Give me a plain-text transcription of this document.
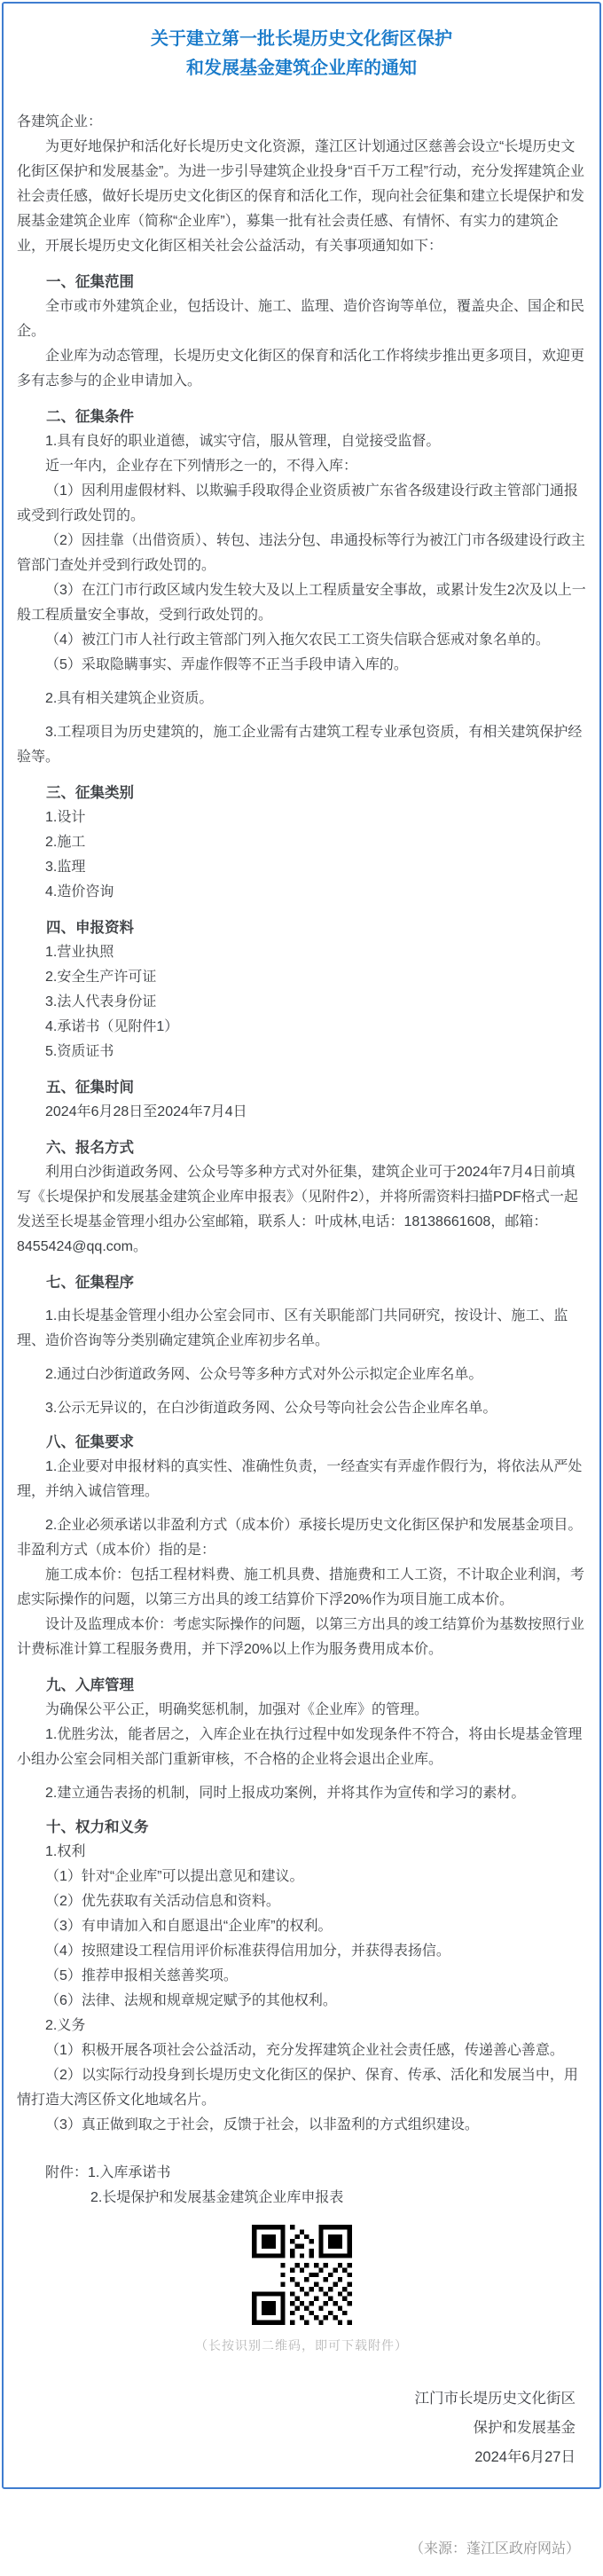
关于建立第一批长堤历史文化街区保护
和发展基金建筑企业库的通知

各建筑企业：

为更好地保护和活化好长堤历史文化资源，蓬江区计划通过区慈善会设立“长堤历史文化街区保护和发展基金”。为进一步引导建筑企业投身“百千万工程”行动，充分发挥建筑企业社会责任感，做好长堤历史文化街区的保育和活化工作，现向社会征集和建立长堤保护和发展基金建筑企业库（简称“企业库”），募集一批有社会责任感、有情怀、有实力的建筑企业，开展长堤历史文化街区相关社会公益活动，有关事项通知如下：

一、征集范围

全市或市外建筑企业，包括设计、施工、监理、造价咨询等单位，覆盖央企、国企和民企。

企业库为动态管理，长堤历史文化街区的保育和活化工作将续步推出更多项目，欢迎更多有志参与的企业申请加入。

二、征集条件

1.具有良好的职业道德，诚实守信，服从管理，自觉接受监督。

近一年内，企业存在下列情形之一的，不得入库：

（1）因利用虚假材料、以欺骗手段取得企业资质被广东省各级建设行政主管部门通报或受到行政处罚的。

（2）因挂靠（出借资质）、转包、违法分包、串通投标等行为被江门市各级建设行政主管部门查处并受到行政处罚的。

（3）在江门市行政区域内发生较大及以上工程质量安全事故，或累计发生2次及以上一般工程质量安全事故，受到行政处罚的。

（4）被江门市人社行政主管部门列入拖欠农民工工资失信联合惩戒对象名单的。

（5）采取隐瞒事实、弄虚作假等不正当手段申请入库的。

2.具有相关建筑企业资质。

3.工程项目为历史建筑的，施工企业需有古建筑工程专业承包资质，有相关建筑保护经验等。

三、征集类别

1.设计

2.施工

3.监理

4.造价咨询

四、申报资料

1.营业执照

2.安全生产许可证

3.法人代表身份证

4.承诺书（见附件1）

5.资质证书

五、征集时间

2024年6月28日至2024年7月4日

六、报名方式

利用白沙街道政务网、公众号等多种方式对外征集，建筑企业可于2024年7月4日前填写《长堤保护和发展基金建筑企业库申报表》（见附件2），并将所需资料扫描PDF格式一起发送至长堤基金管理小组办公室邮箱，联系人：叶成林,电话：18138661608，邮箱：8455424@qq.com。

七、征集程序

1.由长堤基金管理小组办公室会同市、区有关职能部门共同研究，按设计、施工、监理、造价咨询等分类别确定建筑企业库初步名单。

2.通过白沙街道政务网、公众号等多种方式对外公示拟定企业库名单。

3.公示无异议的，在白沙街道政务网、公众号等向社会公告企业库名单。

八、征集要求

1.企业要对申报材料的真实性、准确性负责，一经查实有弄虚作假行为，将依法从严处理，并纳入诚信管理。

2.企业必须承诺以非盈利方式（成本价）承接长堤历史文化街区保护和发展基金项目。非盈利方式（成本价）指的是：

施工成本价：包括工程材料费、施工机具费、措施费和工人工资，不计取企业利润，考虑实际操作的问题，以第三方出具的竣工结算价下浮20%作为项目施工成本价。

设计及监理成本价：考虑实际操作的问题，以第三方出具的竣工结算价为基数按照行业计费标准计算工程服务费用，并下浮20%以上作为服务费用成本价。

九、入库管理

为确保公平公正，明确奖惩机制，加强对《企业库》的管理。

1.优胜劣汰，能者居之，入库企业在执行过程中如发现条件不符合，将由长堤基金管理小组办公室会同相关部门重新审核，不合格的企业将会退出企业库。

2.建立通告表扬的机制，同时上报成功案例，并将其作为宣传和学习的素材。

十、权力和义务

1.权利

（1）针对“企业库”可以提出意见和建议。

（2）优先获取有关活动信息和资料。

（3）有申请加入和自愿退出“企业库”的权利。

（4）按照建设工程信用评价标准获得信用加分，并获得表扬信。

（5）推荐申报相关慈善奖项。

（6）法律、法规和规章规定赋予的其他权利。

2.义务

（1）积极开展各项社会公益活动，充分发挥建筑企业社会责任感，传递善心善意。

（2）以实际行动投身到长堤历史文化街区的保护、保育、传承、活化和发展当中，用情打造大湾区侨文化地域名片。

（3）真正做到取之于社会，反馈于社会，以非盈利的方式组织建设。

附件：1.入库承诺书

2.长堤保护和发展基金建筑企业库申报表

（长按识别二维码，即可下载附件）
江门市长堤历史文化街区
保护和发展基金
2024年6月27日
（来源：蓬江区政府网站）
